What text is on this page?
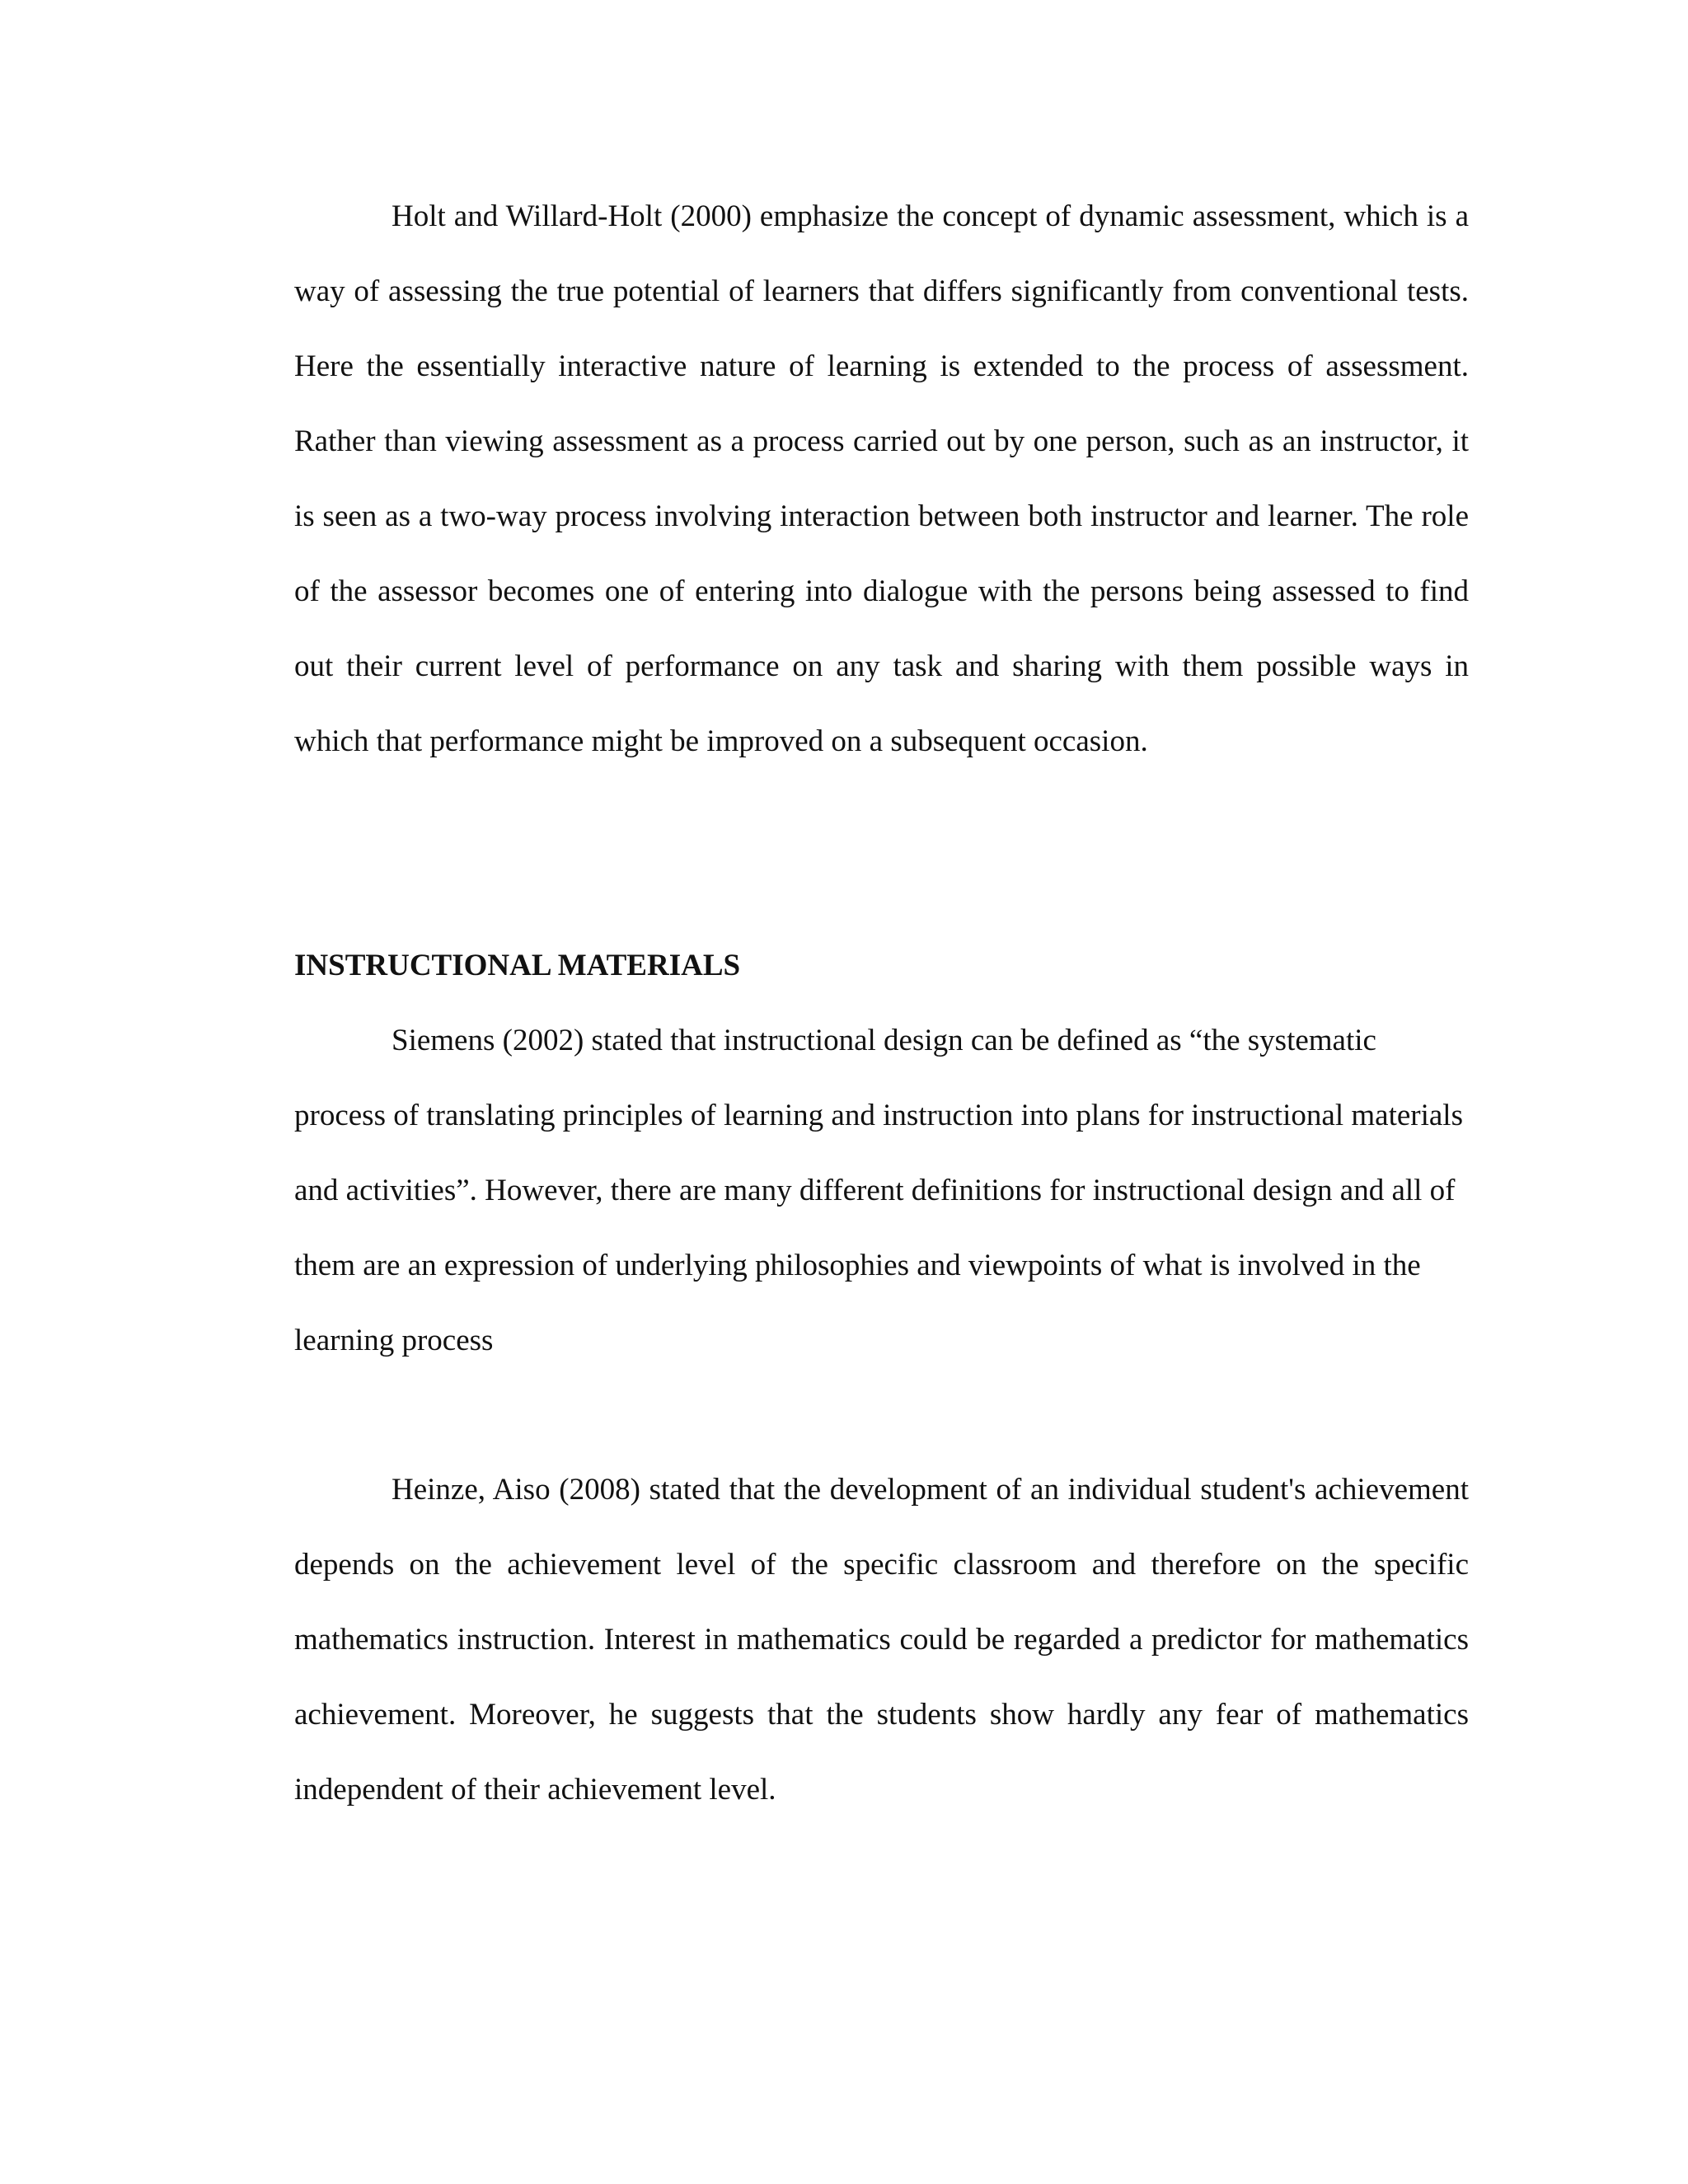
Holt and Willard-Holt (2000) emphasize the concept of dynamic assessment, which is a way of assessing the true potential of learners that differs significantly from conventional tests. Here the essentially interactive nature of learning is extended to the process of assessment. Rather than viewing assessment as a process carried out by one person, such as an instructor, it is seen as a two-way process involving interaction between both instructor and learner. The role of the assessor becomes one of entering into dialogue with the persons being assessed to find out their current level of performance on any task and sharing with them possible ways in which that performance might be improved on a subsequent occasion.

INSTRUCTIONAL MATERIALS

Siemens (2002) stated that instructional design can be defined as “the systematic process of translating principles of learning and instruction into plans for instructional materials and activities”. However, there are many different definitions for instructional design and all of them are an expression of underlying philosophies and viewpoints of what is involved in the learning process

Heinze, Aiso (2008) stated that the development of an individual student's achievement depends on the achievement level of the specific classroom and therefore on the specific mathematics instruction. Interest in mathematics could be regarded a predictor for mathematics achievement. Moreover, he suggests that the students show hardly any fear of mathematics independent of their achievement level.
